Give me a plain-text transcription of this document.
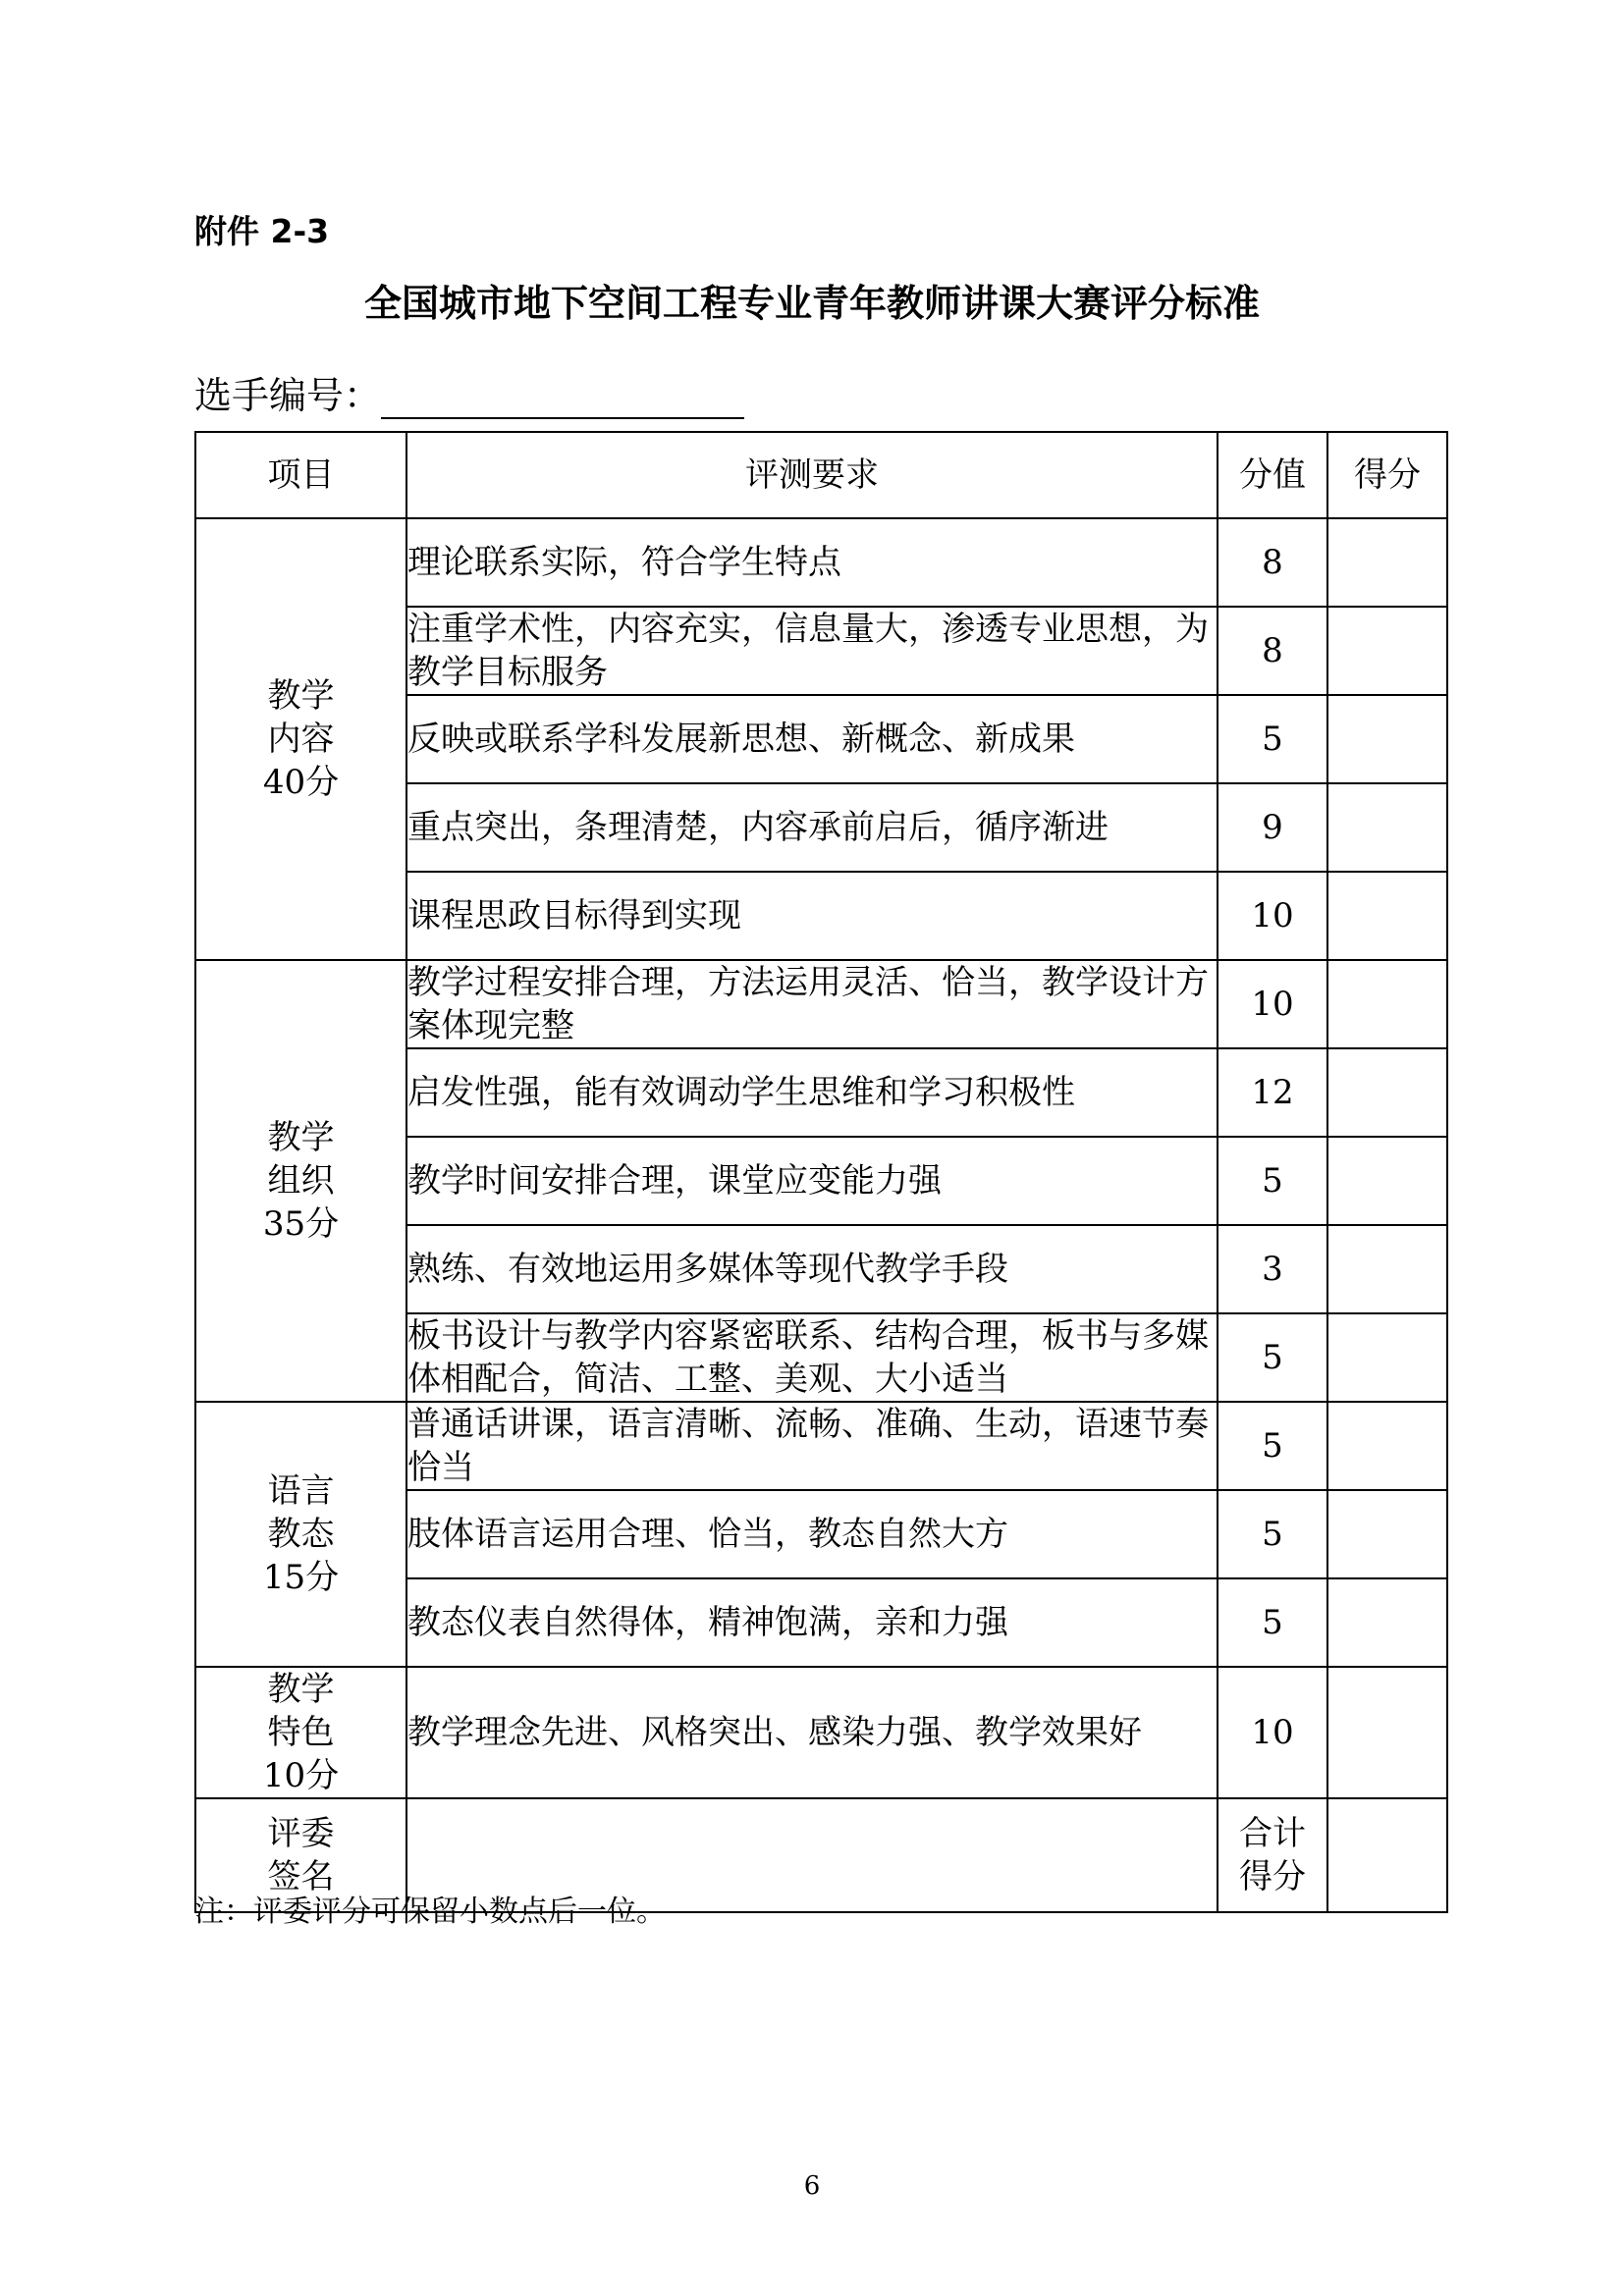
附件 2-3
全国城市地下空间工程专业青年教师讲课大赛评分标准
选手编号：
项目	评测要求	分值	得分

教学
内容
40分	理论联系实际，符合学生特点	8	
	注重学术性，内容充实，信息量大，渗透专业思想，为教学目标服务	8	
	反映或联系学科发展新思想、新概念、新成果	5	
	重点突出，条理清楚，内容承前启后，循序渐进	9	
	课程思政目标得到实现	10	

教学
组织
35分	教学过程安排合理，方法运用灵活、恰当，教学设计方案体现完整	10	
	启发性强，能有效调动学生思维和学习积极性	12	
	教学时间安排合理，课堂应变能力强	5	
	熟练、有效地运用多媒体等现代教学手段	3	
	板书设计与教学内容紧密联系、结构合理，板书与多媒体相配合，简洁、工整、美观、大小适当	5	

语言
教态
15分	普通话讲课，语言清晰、流畅、准确、生动，语速节奏恰当	5	
	肢体语言运用合理、恰当，教态自然大方	5	
	教态仪表自然得体，精神饱满，亲和力强	5	

教学
特色
10分	教学理念先进、风格突出、感染力强、教学效果好	10	

评委
签名		合计
得分	

注：评委评分可保留小数点后一位。
6
